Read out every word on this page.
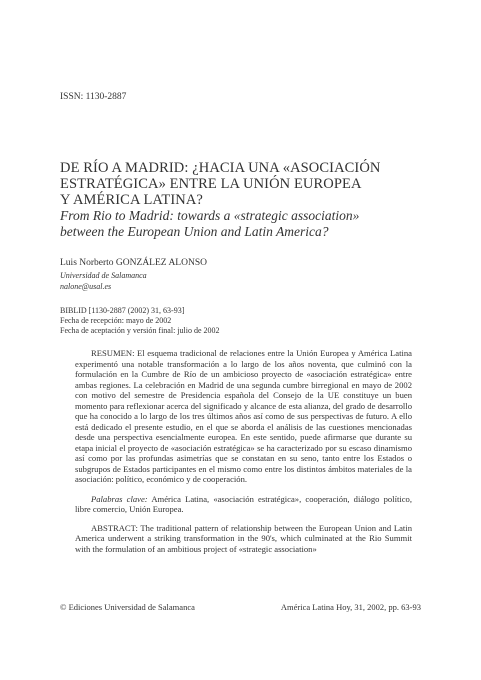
ISSN: 1130-2887
DE RÍO A MADRID: ¿HACIA UNA «ASOCIACIÓN
ESTRATÉGICA» ENTRE LA UNIÓN EUROPEA
Y AMÉRICA LATINA?
From Rio to Madrid: towards a «strategic association»
between the European Union and Latin America?
Luis Norberto GONZÁLEZ ALONSO
Universidad de Salamanca
nalone@usal.es
BIBLID [1130-2887 (2002) 31, 63-93]
Fecha de recepción: mayo de 2002
Fecha de aceptación y versión final: julio de 2002

RESUMEN: El esquema tradicional de relaciones entre la Unión Europea y América Latina experimentó una notable transformación a lo largo de los años noventa, que culminó con la formulación en la Cumbre de Río de un ambicioso proyecto de «asociación estratégica» entre ambas regiones. La celebración en Madrid de una segunda cumbre birregional en mayo de 2002 con motivo del semestre de Presidencia española del Consejo de la UE constituye un buen momento para reflexionar acerca del significado y alcance de esta alianza, del grado de desarrollo que ha conocido a lo largo de los tres últimos años así como de sus perspectivas de futuro. A ello está dedicado el presente estudio, en el que se aborda el análisis de las cuestiones mencionadas desde una perspectiva esencialmente europea. En este sentido, puede afirmarse que durante su etapa inicial el proyecto de «asociación estratégica» se ha caracterizado por su escaso dinamismo así como por las profundas asimetrías que se constatan en su seno, tanto entre los Estados o subgrupos de Estados participantes en el mismo como entre los distintos ámbitos materiales de la asociación: político, económico y de cooperación.

Palabras clave: América Latina, «asociación estratégica», cooperación, diálogo político, libre comercio, Unión Europea.

ABSTRACT: The traditional pattern of relationship between the European Union and Latin America underwent a striking transformation in the 90's, which culminated at the Rio Summit with the formulation of an ambitious project of «strategic association»

© Ediciones Universidad de Salamanca	América Latina Hoy, 31, 2002, pp. 63-93
